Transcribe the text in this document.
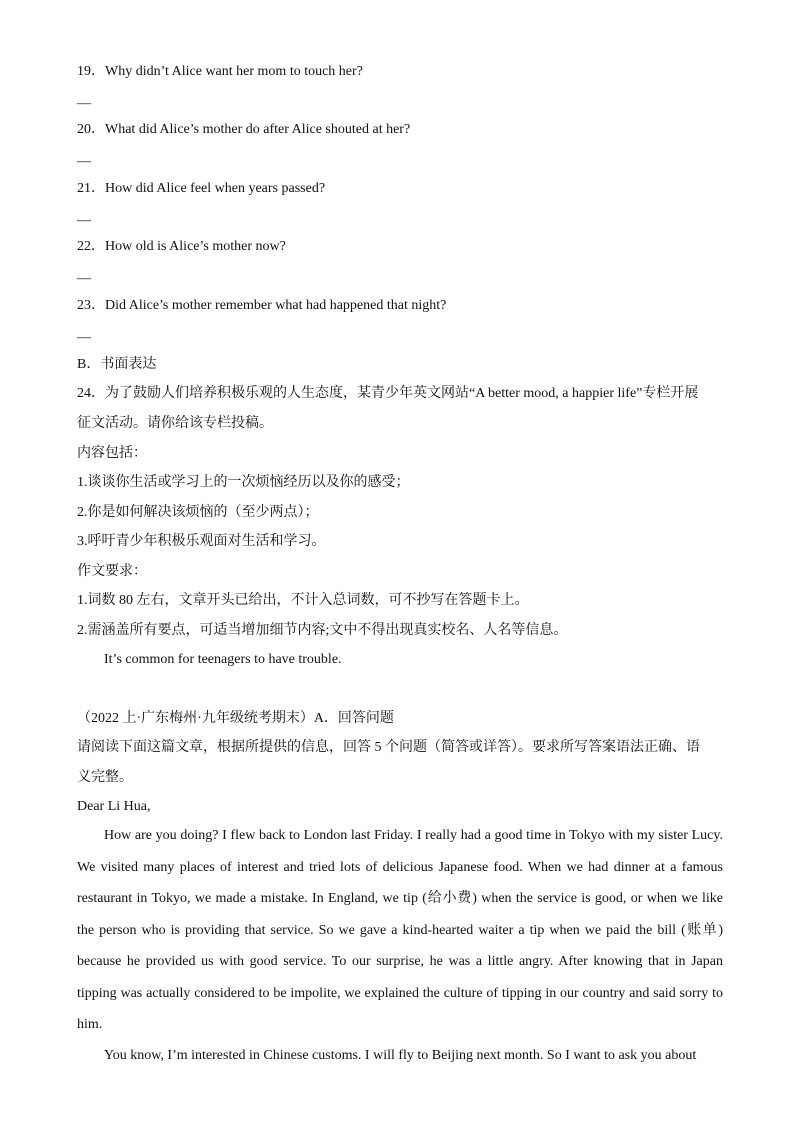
19．Why didn’t Alice want her mom to touch her?
—
20．What did Alice’s mother do after Alice shouted at her?
—
21．How did Alice feel when years passed?
—
22．How old is Alice’s mother now?
—
23．Did Alice’s mother remember what had happened that night?
—
B．书面表达
24．为了鼓励人们培养积极乐观的人生态度，某青少年英文网站“A better mood, a happier life”专栏开展
征文活动。请你给该专栏投稿。
内容包括：
1.谈谈你生活或学习上的一次烦恼经历以及你的感受；
2.你是如何解决该烦恼的（至少两点）；
3.呼吁青少年积极乐观面对生活和学习。
作文要求：
1.词数 80 左右，文章开头已给出，不计入总词数，可不抄写在答题卡上。
2.需涵盖所有要点，可适当增加细节内容;文中不得出现真实校名、人名等信息。
It’s common for teenagers to have trouble.
（2022 上·广东梅州·九年级统考期末）A．回答问题
请阅读下面这篇文章，根据所提供的信息，回答 5 个问题（简答或详答）。要求所写答案语法正确、语
义完整。
Dear Li Hua,
How are you doing? I flew back to London last Friday. I really had a good time in Tokyo with my sister Lucy. We visited many places of interest and tried lots of delicious Japanese food. When we had dinner at a famous restaurant in Tokyo, we made a mistake. In England, we tip (给小费) when the service is good, or when we like the person who is providing that service. So we gave a kind-hearted waiter a tip when we paid the bill (账单) because he provided us with good service. To our surprise, he was a little angry. After knowing that in Japan tipping was actually considered to be impolite, we explained the culture of tipping in our country and said sorry to him.
You know, I’m interested in Chinese customs. I will fly to Beijing next month. So I want to ask you about
